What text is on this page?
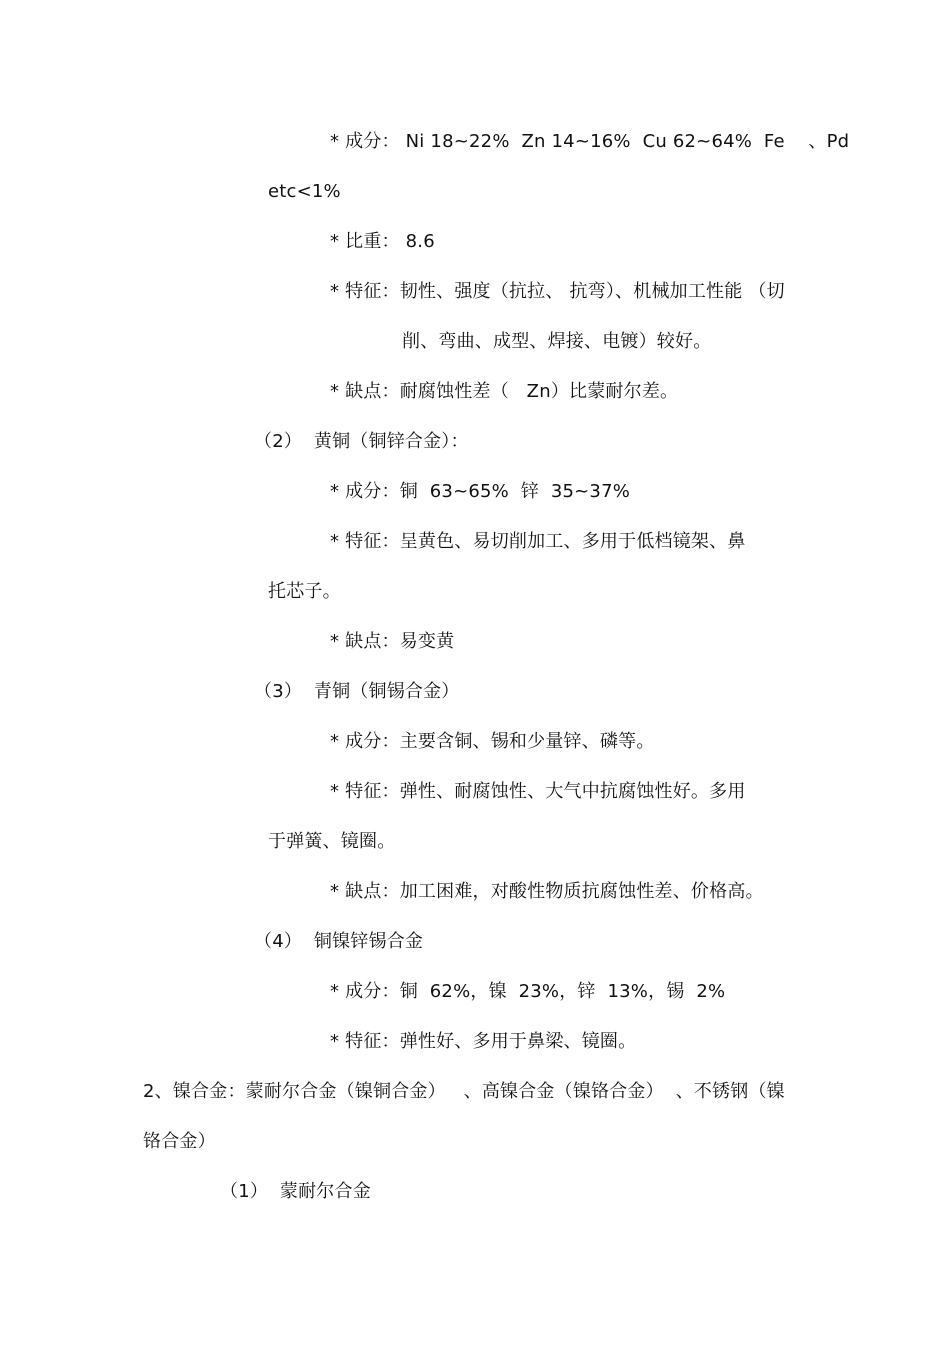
* 成分： Ni 18~22%  Zn 14~16%  Cu 62~64%  Fe    、Pd
etc<1%
* 比重： 8.6
* 特征：韧性、强度（抗拉、 抗弯）、机械加工性能 （切
削、弯曲、成型、焊接、电镀）较好。
* 缺点：耐腐蚀性差（   Zn）比蒙耐尔差。
（2）  黄铜（铜锌合金）：
* 成分：铜  63~65%  锌  35~37%
* 特征：呈黄色、易切削加工、多用于低档镜架、鼻
托芯子。
* 缺点：易变黄
（3）  青铜（铜锡合金）
* 成分：主要含铜、锡和少量锌、磷等。
* 特征：弹性、耐腐蚀性、大气中抗腐蚀性好。多用
于弹簧、镜圈。
* 缺点：加工困难，对酸性物质抗腐蚀性差、价格高。
（4）  铜镍锌锡合金
* 成分：铜  62%，镍  23%，锌  13%，锡  2%
* 特征：弹性好、多用于鼻梁、镜圈。
2、镍合金：蒙耐尔合金（镍铜合金）   、高镍合金（镍铬合金）  、不锈钢（镍
铬合金）
（1）  蒙耐尔合金
